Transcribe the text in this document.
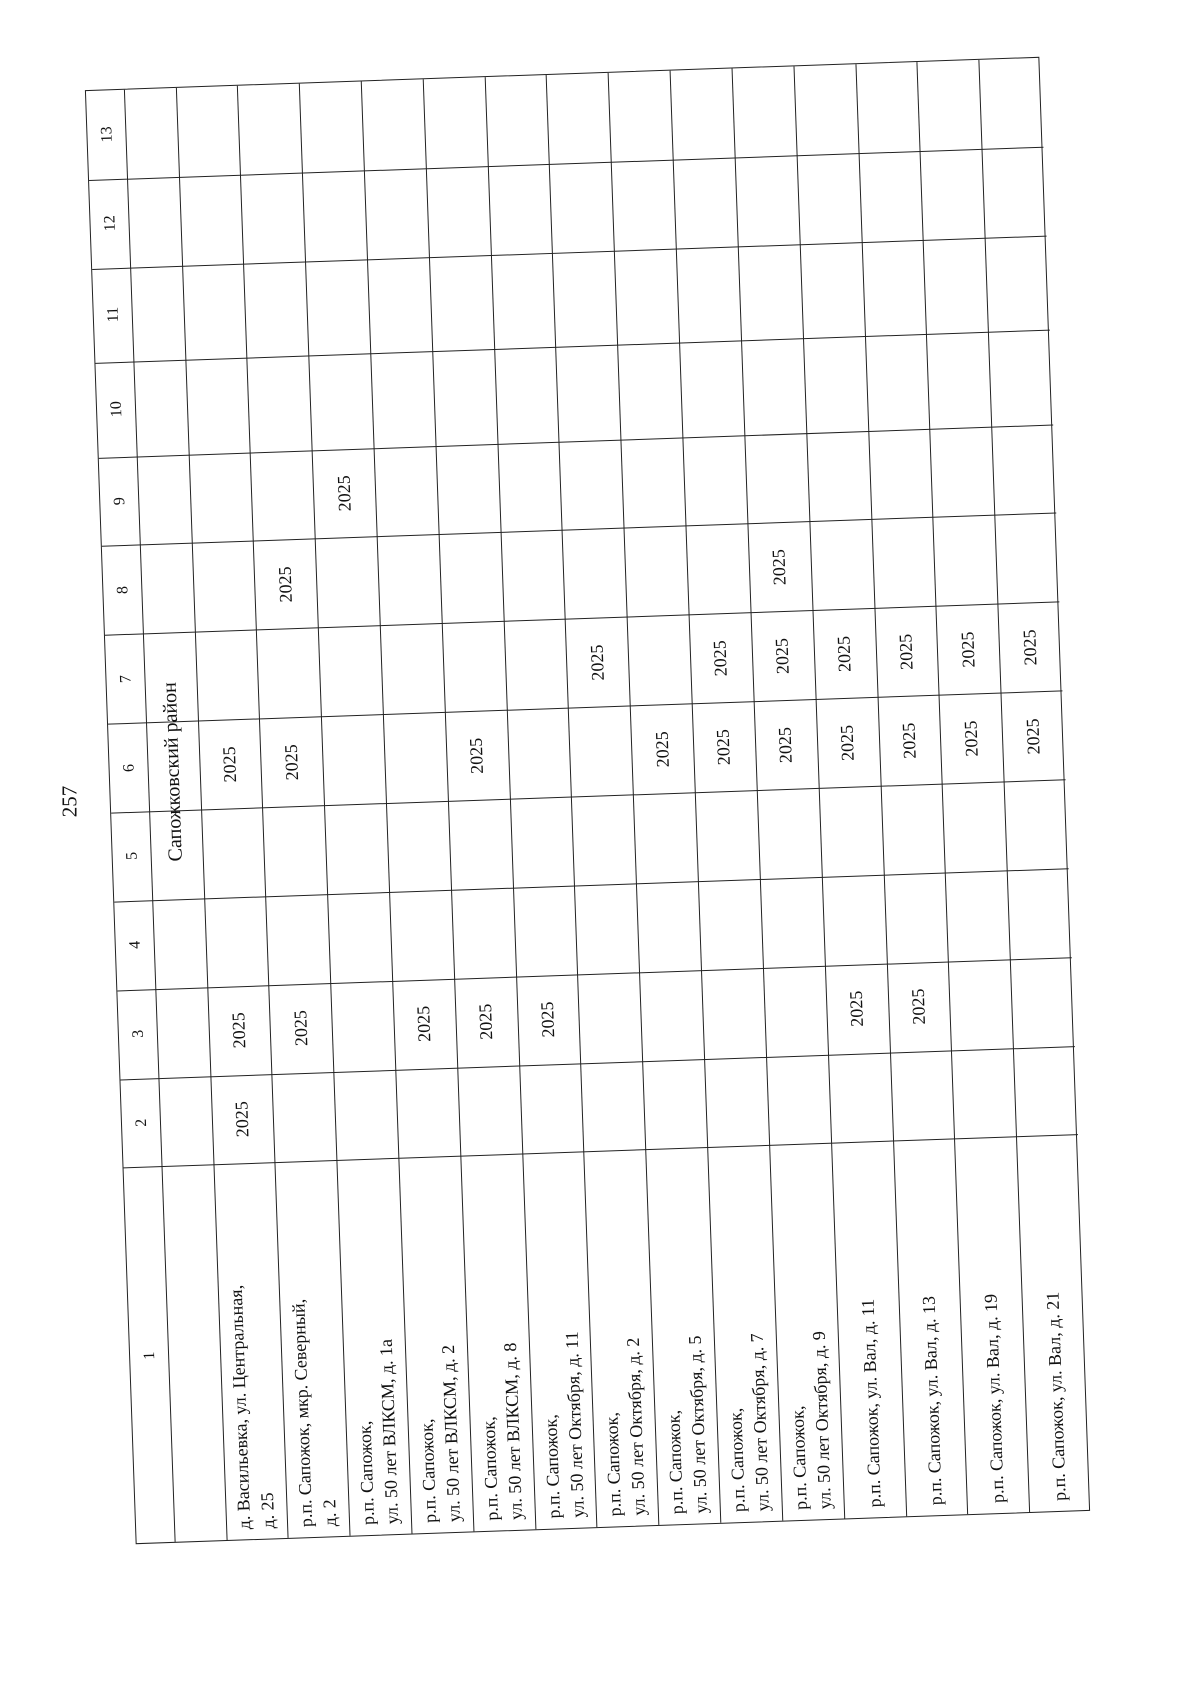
257
1
2
3
4
5
6
7
8
9
10
11
12
13
Сапожковский район
д. Васильевка, ул. Центральная, д. 25
2025
2025
2025
р.п. Сапожок, мкр. Северный, д. 2
2025
2025
2025
р.п. Сапожок,
ул. 50 лет ВЛКСМ, д. 1а
2025
р.п. Сапожок,
ул. 50 лет ВЛКСМ, д. 2
2025
р.п. Сапожок,
ул. 50 лет ВЛКСМ, д. 8
2025
2025
р.п. Сапожок,
ул. 50 лет Октября, д. 11
2025
р.п. Сапожок,
ул. 50 лет Октября, д. 2
2025
р.п. Сапожок,
ул. 50 лет Октября, д. 5
2025
р.п. Сапожок,
ул. 50 лет Октября, д. 7
2025
2025
р.п. Сапожок,
ул. 50 лет Октября, д. 9
2025
2025
2025
р.п. Сапожок, ул. Вал, д. 11
2025
2025
2025
р.п. Сапожок, ул. Вал, д. 13
2025
2025
2025
р.п. Сапожок, ул. Вал, д. 19
2025
2025
р.п. Сапожок, ул. Вал, д. 21
2025
2025
